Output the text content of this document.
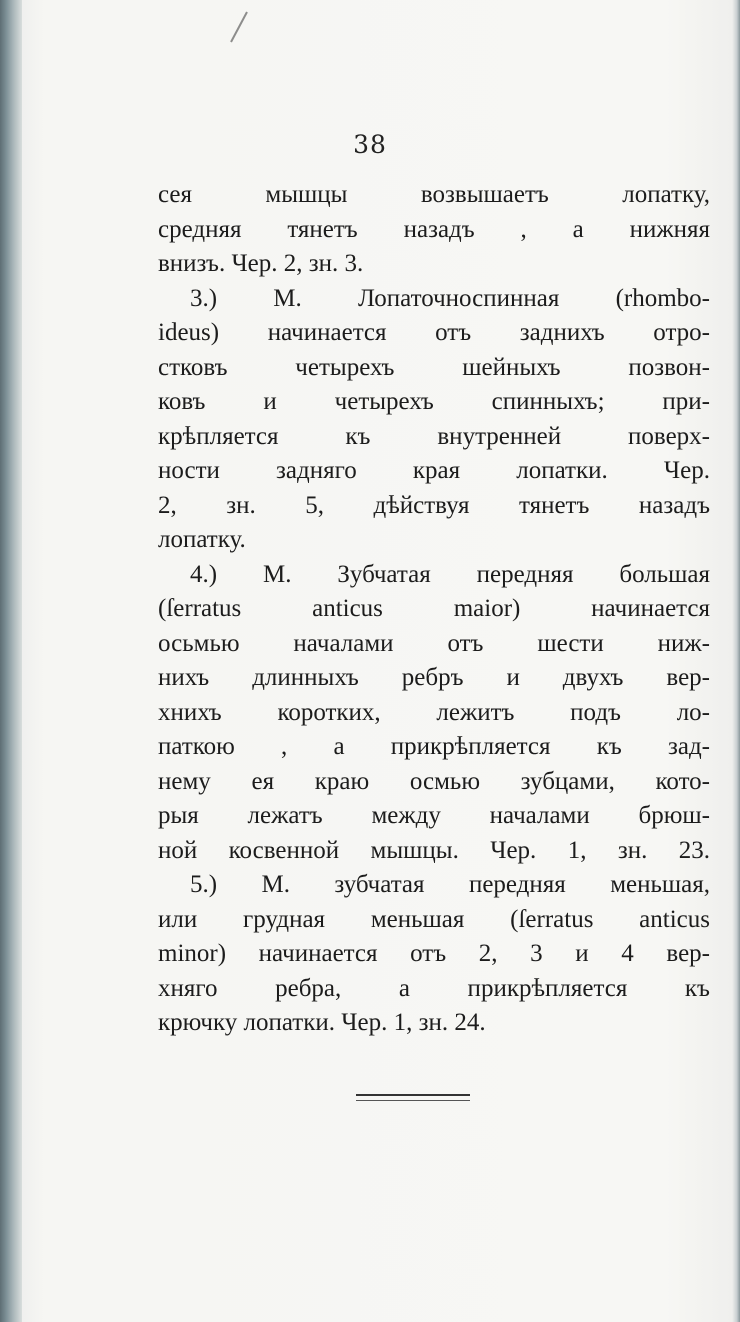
38
сея мышцы возвышаетъ лопатку,
средняя тянетъ назадъ , а нижняя
внизъ. Чер. 2, зн. 3.
3.) М. Лопаточноспинная (rhombo-
ideus) начинается отъ заднихъ отро-
стковъ четырехъ шейныхъ позвон-
ковъ и четырехъ спинныхъ; при-
крѣпляется къ внутренней поверх-
ности задняго края лопатки. Чер.
2, зн. 5, дѣйствуя тянетъ назадъ
лопатку.
4.) М. Зубчатая передняя большая
(ſerratus anticus maior) начинается
осьмью началами отъ шести ниж-
нихъ длинныхъ ребръ и двухъ вер-
хнихъ коротких, лежитъ подъ ло-
паткою , а прикрѣпляется къ зад-
нему ея краю осмью зубцами, кото-
рыя лежатъ между началами брюш-
ной косвенной мышцы. Чер. 1, зн. 23.
5.) М. зубчатая передняя меньшая,
или грудная меньшая (ſerratus anticus
minor) начинается отъ 2, 3 и 4 вер-
хняго ребра, а прикрѣпляется къ
крючку лопатки. Чер. 1, зн. 24.
